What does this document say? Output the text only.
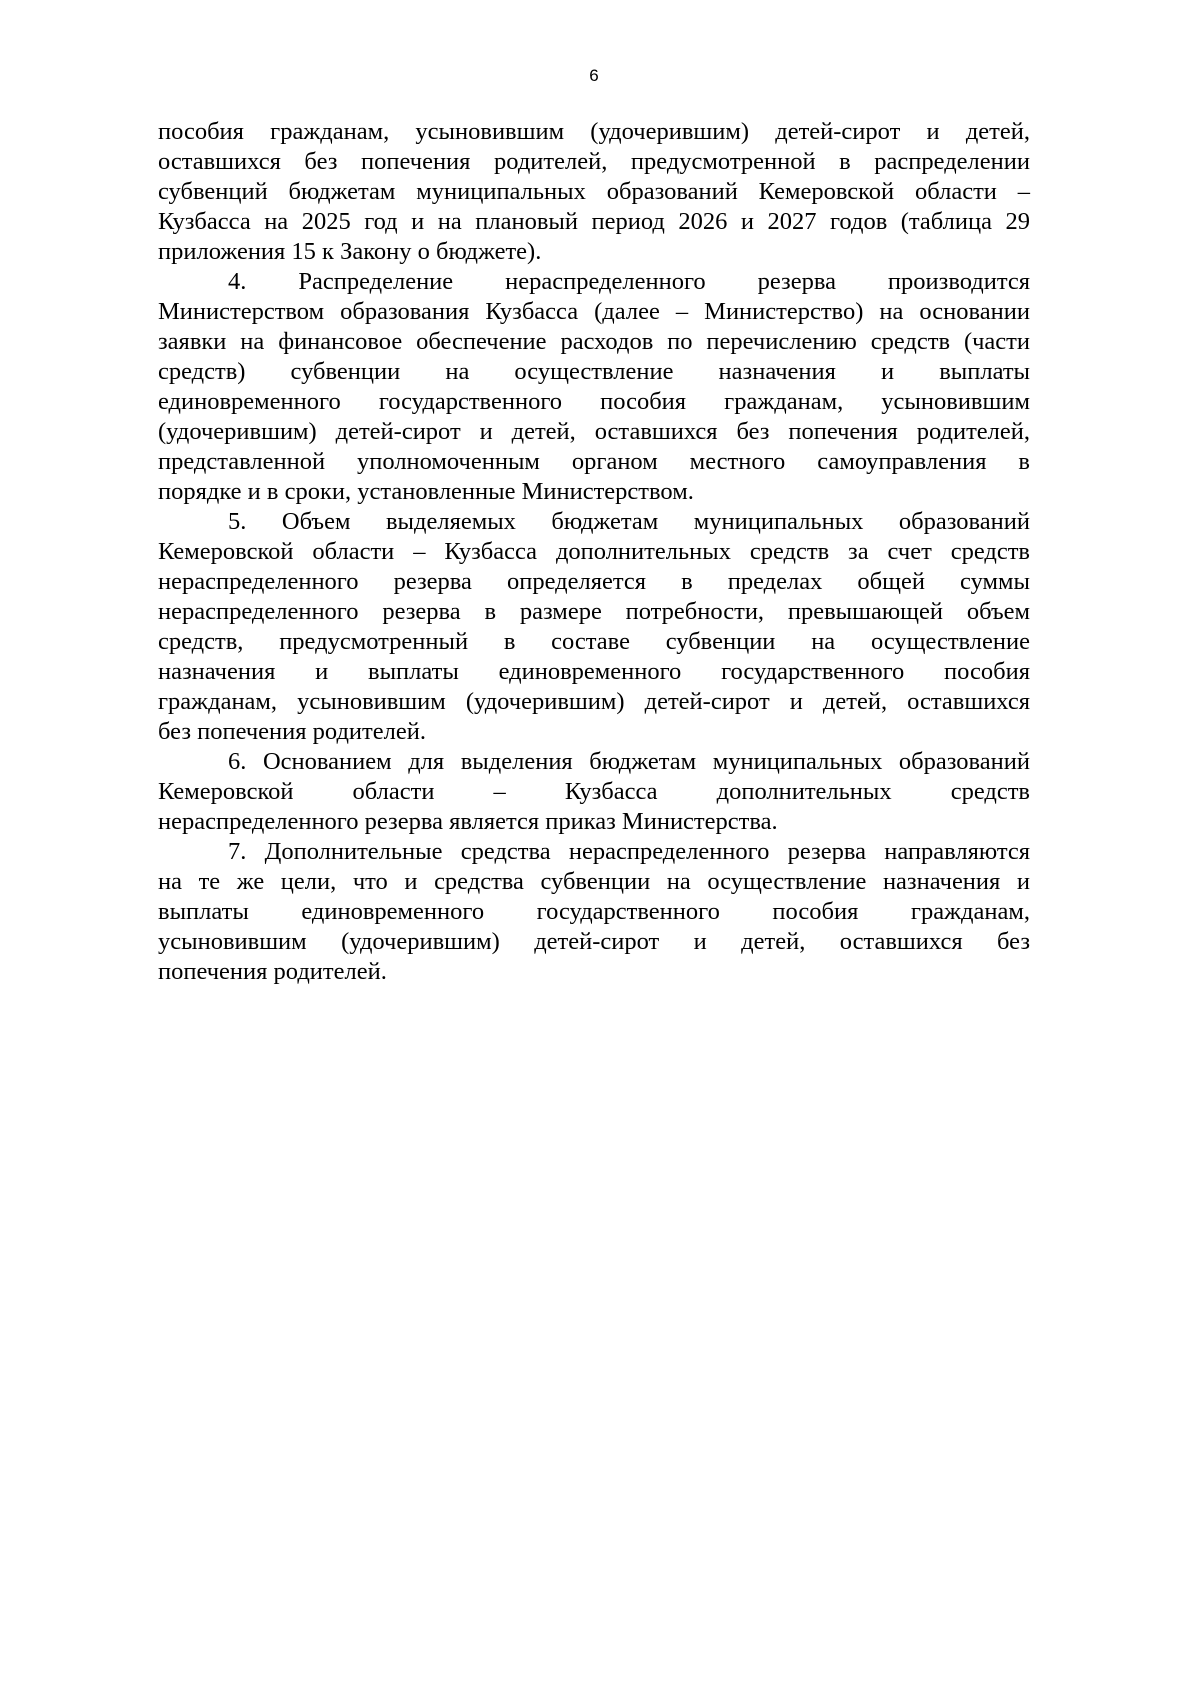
6
пособия гражданам, усыновившим (удочерившим) детей-сирот и детей,
оставшихся без попечения родителей, предусмотренной в распределении
субвенций бюджетам муниципальных образований Кемеровской области –
Кузбасса на 2025 год и на плановый период 2026 и 2027 годов (таблица 29
приложения 15 к Закону о бюджете).
4. Распределение нераспределенного резерва производится
Министерством образования Кузбасса (далее – Министерство) на основании
заявки на финансовое обеспечение расходов по перечислению средств (части
средств) субвенции на осуществление назначения и выплаты
единовременного государственного пособия гражданам, усыновившим
(удочерившим) детей-сирот и детей, оставшихся без попечения родителей,
представленной уполномоченным органом местного самоуправления в
порядке и в сроки, установленные Министерством.
5. Объем выделяемых бюджетам муниципальных образований
Кемеровской области – Кузбасса дополнительных средств за счет средств
нераспределенного резерва определяется в пределах общей суммы
нераспределенного резерва в размере потребности, превышающей объем
средств, предусмотренный в составе субвенции на осуществление
назначения и выплаты единовременного государственного пособия
гражданам, усыновившим (удочерившим) детей-сирот и детей, оставшихся
без попечения родителей.
6. Основанием для выделения бюджетам муниципальных образований
Кемеровской области – Кузбасса дополнительных средств
нераспределенного резерва является приказ Министерства.
7. Дополнительные средства нераспределенного резерва направляются
на те же цели, что и средства субвенции на осуществление назначения и
выплаты единовременного государственного пособия гражданам,
усыновившим (удочерившим) детей-сирот и детей, оставшихся без
попечения родителей.
